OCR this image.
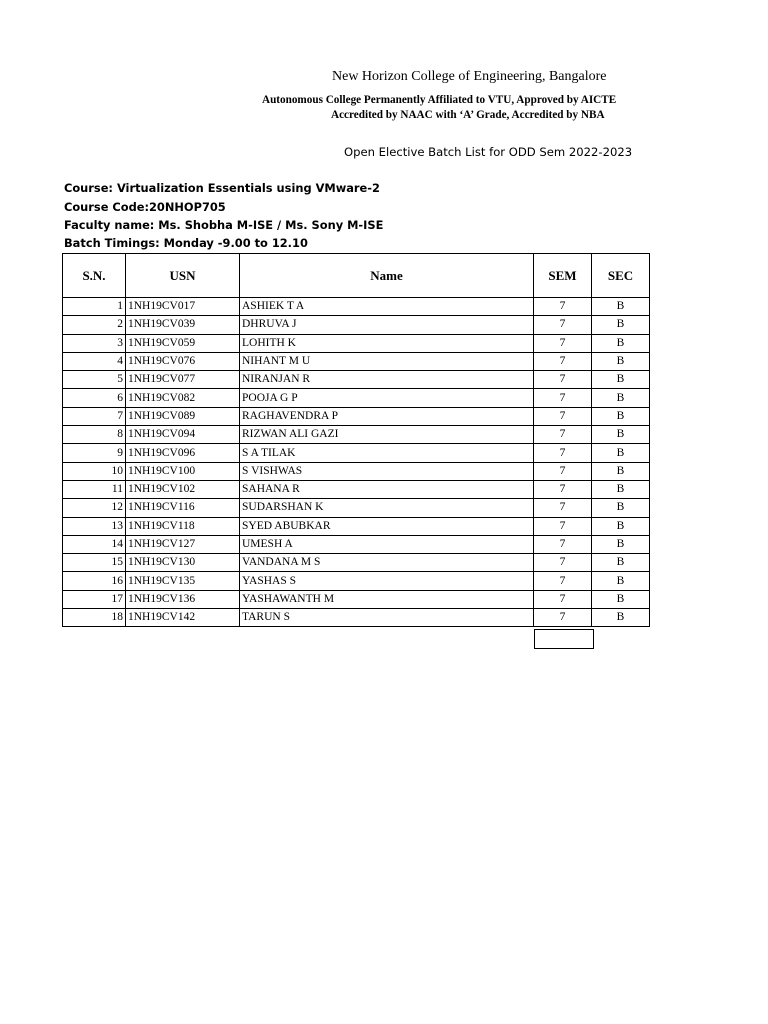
New Horizon College of Engineering, Bangalore
Autonomous College Permanently Affiliated to VTU, Approved by AICTE
Accredited by NAAC with ‘A’ Grade, Accredited by NBA
Open Elective Batch List for ODD Sem 2022-2023
Course: Virtualization Essentials using VMware-2
Course Code:20NHOP705
Faculty name: Ms. Shobha M-ISE / Ms. Sony M-ISE
Batch Timings: Monday -9.00 to 12.10
S.N.	USN	Name	SEM	SEC
1	1NH19CV017	ASHIEK T A	7	B
2	1NH19CV039	DHRUVA J	7	B
3	1NH19CV059	LOHITH K	7	B
4	1NH19CV076	NIHANT M U	7	B
5	1NH19CV077	NIRANJAN R	7	B
6	1NH19CV082	POOJA G P	7	B
7	1NH19CV089	RAGHAVENDRA P	7	B
8	1NH19CV094	RIZWAN ALI GAZI	7	B
9	1NH19CV096	S A TILAK	7	B
10	1NH19CV100	S VISHWAS	7	B
11	1NH19CV102	SAHANA R	7	B
12	1NH19CV116	SUDARSHAN K	7	B
13	1NH19CV118	SYED ABUBKAR	7	B
14	1NH19CV127	UMESH A	7	B
15	1NH19CV130	VANDANA M S	7	B
16	1NH19CV135	YASHAS S	7	B
17	1NH19CV136	YASHAWANTH M	7	B
18	1NH19CV142	TARUN S	7	B
